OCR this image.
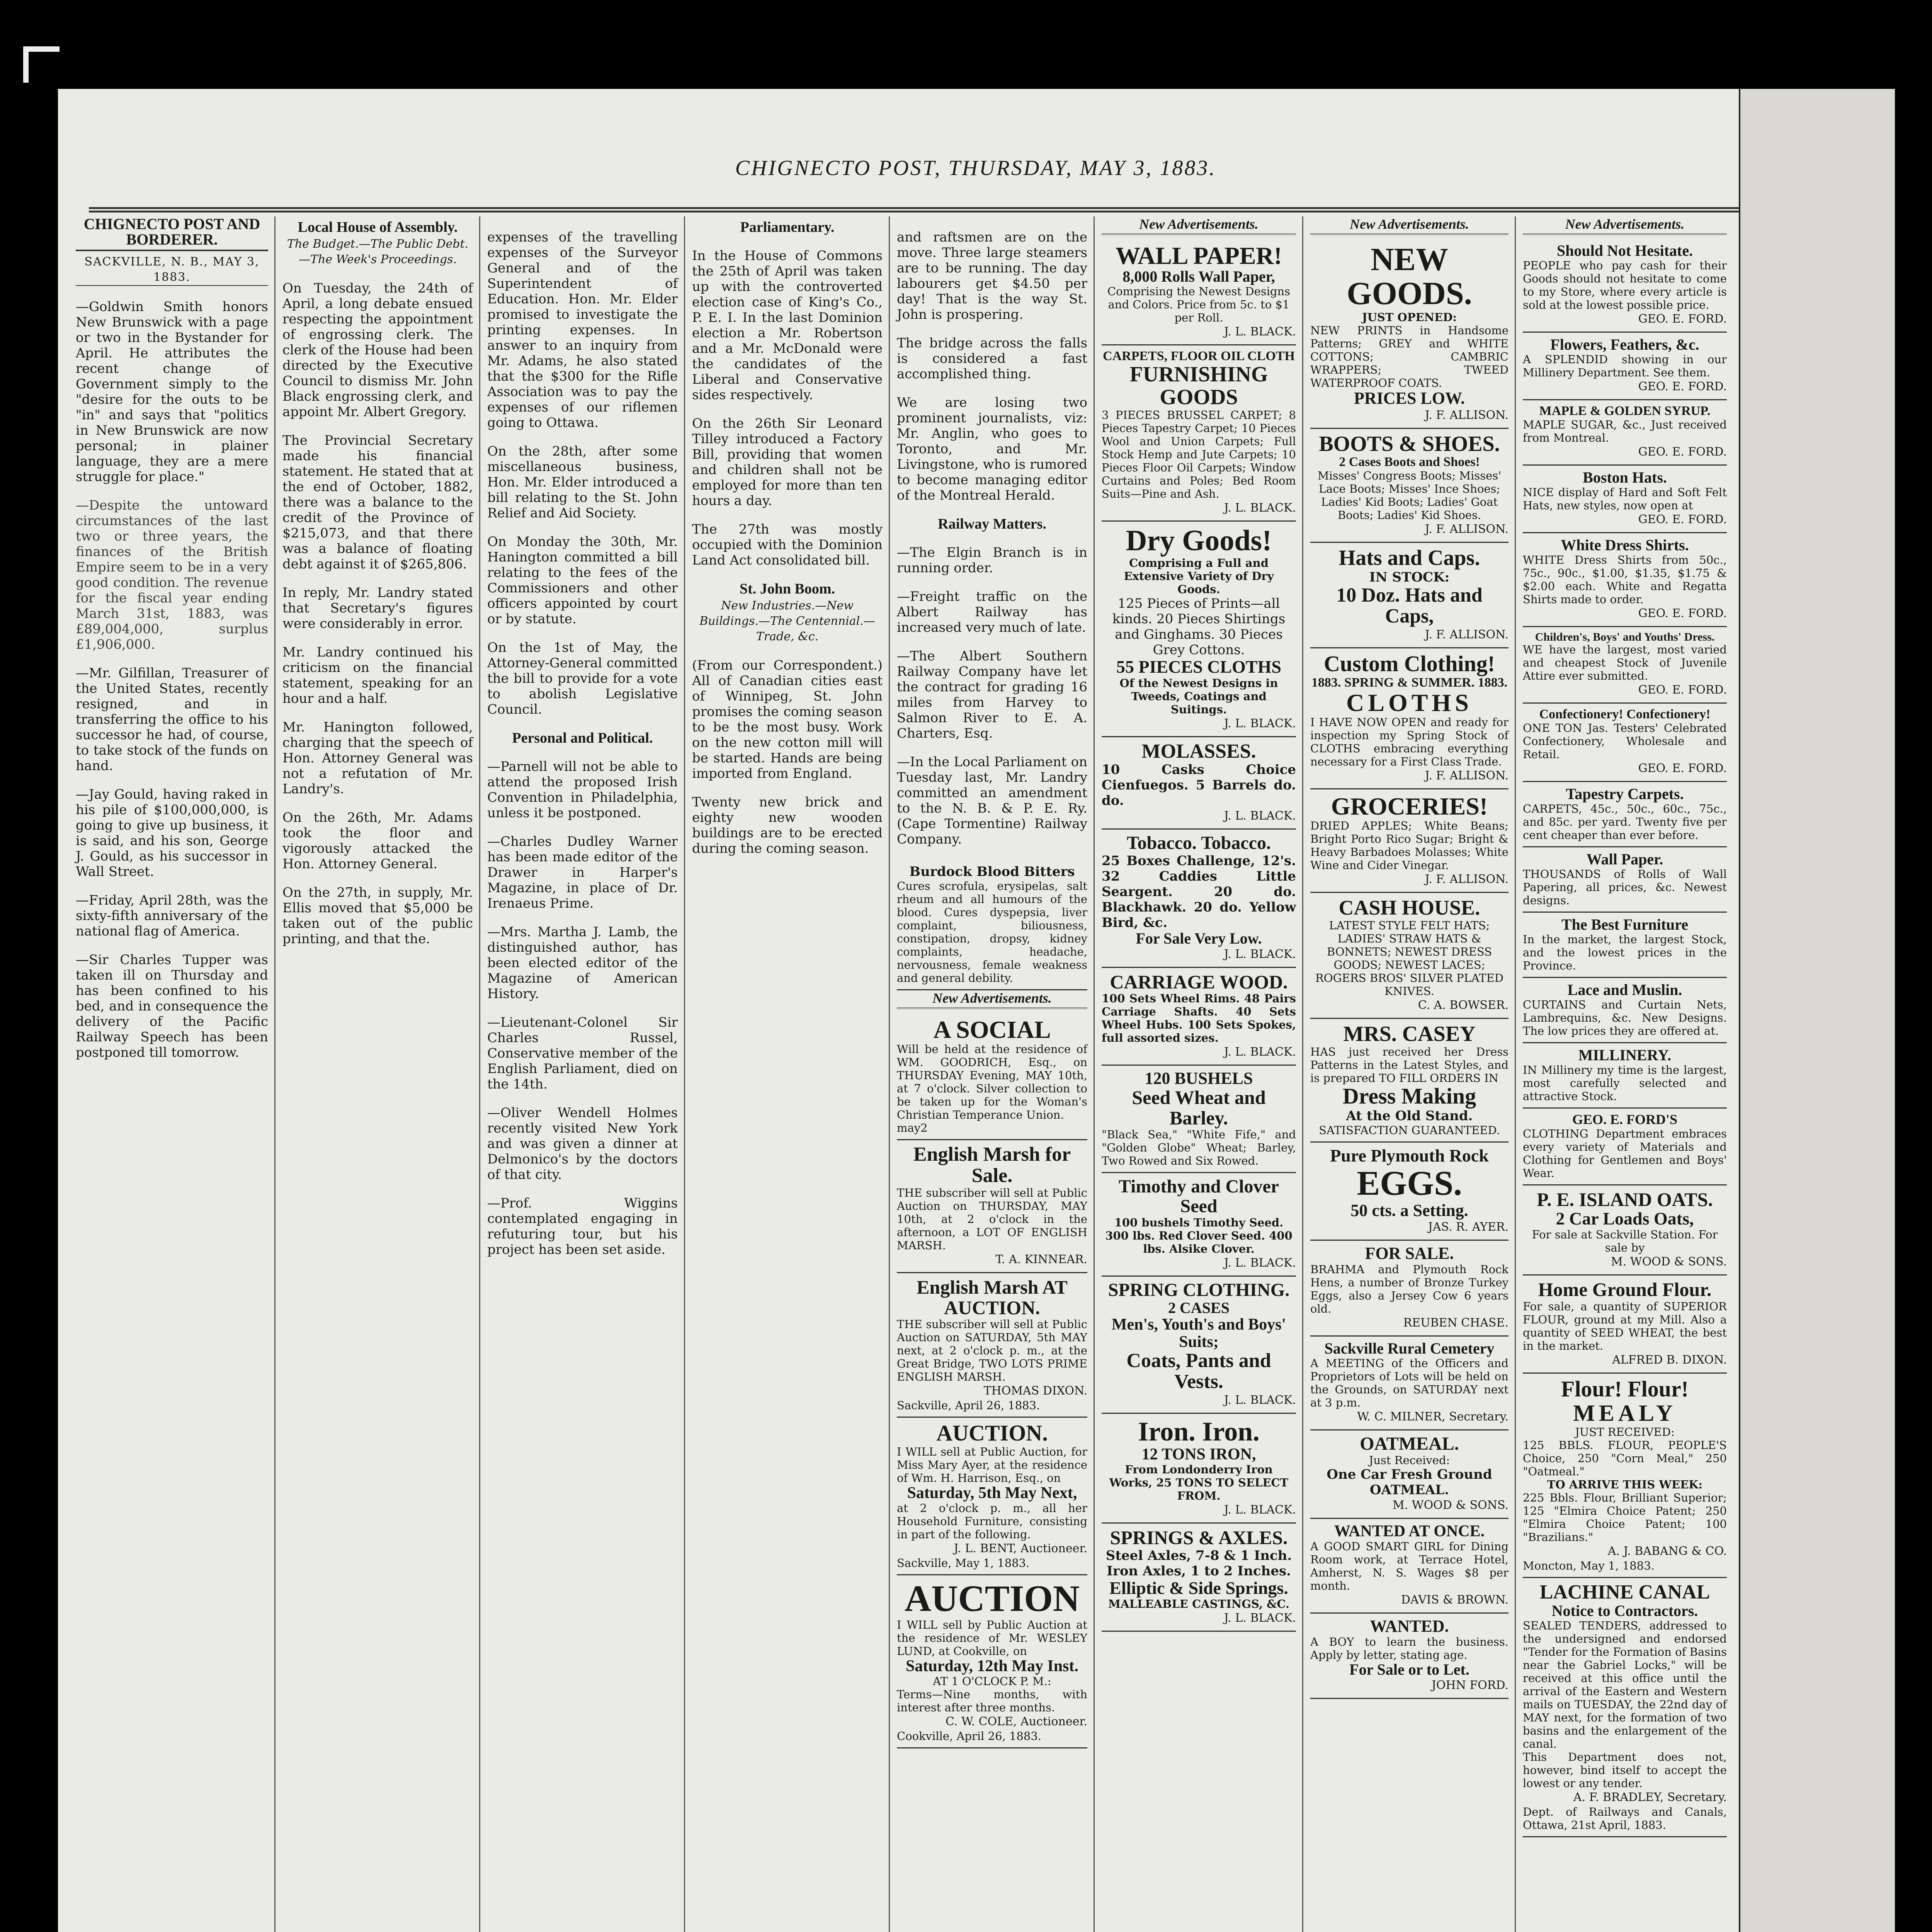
CHIGNECTO POST, THURSDAY, MAY 3, 1883.
CHIGNECTO POST AND BORDERER.
SACKVILLE, N. B., MAY 3, 1883.

—Goldwin Smith honors New Brunswick with a page or two in the Bystander for April. He attributes the recent change of Government simply to the "desire for the outs to be "in" and says that "politics in New Brunswick are now personal; in plainer language, they are a mere struggle for place."

—Despite the untoward circumstances of the last two or three years, the finances of the British Empire seem to be in a very good condition. The revenue for the fiscal year ending March 31st, 1883, was £89,004,000, surplus £1,906,000.

—Mr. Gilfillan, Treasurer of the United States, recently resigned, and in transferring the office to his successor he had, of course, to take stock of the funds on hand.

—Jay Gould, having raked in his pile of $100,000,000, is going to give up business, it is said, and his son, George J. Gould, as his successor in Wall Street.

—Friday, April 28th, was the sixty-fifth anniversary of the national flag of America.

—Sir Charles Tupper was taken ill on Thursday and has been confined to his bed, and in consequence the delivery of the Pacific Railway Speech has been postponed till tomorrow.

Local House of Assembly.
The Budget.—The Public Debt.—The Week's Proceedings.

On Tuesday, the 24th of April, a long debate ensued respecting the appointment of engrossing clerk. The clerk of the House had been directed by the Executive Council to dismiss Mr. John Black engrossing clerk, and appoint Mr. Albert Gregory.

The Provincial Secretary made his financial statement. He stated that at the end of October, 1882, there was a balance to the credit of the Province of $215,073, and that there was a balance of floating debt against it of $265,806.

In reply, Mr. Landry stated that Secretary's figures were considerably in error.

Mr. Landry continued his criticism on the financial statement, speaking for an hour and a half.

Mr. Hanington followed, charging that the speech of Hon. Attorney General was not a refutation of Mr. Landry's.

On the 26th, Mr. Adams took the floor and vigorously attacked the Hon. Attorney General.

On the 27th, in supply, Mr. Ellis moved that $5,000 be taken out of the public printing, and that the.

expenses of the travelling expenses of the Surveyor General and of the Superintendent of Education. Hon. Mr. Elder promised to investigate the printing expenses. In answer to an inquiry from Mr. Adams, he also stated that the $300 for the Rifle Association was to pay the expenses of our riflemen going to Ottawa.

On the 28th, after some miscellaneous business, Hon. Mr. Elder introduced a bill relating to the St. John Relief and Aid Society.

On Monday the 30th, Mr. Hanington committed a bill relating to the fees of the Commissioners and other officers appointed by court or by statute.

On the 1st of May, the Attorney-General committed the bill to provide for a vote to abolish Legislative Council.

Personal and Political.

—Parnell will not be able to attend the proposed Irish Convention in Philadelphia, unless it be postponed.

—Charles Dudley Warner has been made editor of the Drawer in Harper's Magazine, in place of Dr. Irenaeus Prime.

—Mrs. Martha J. Lamb, the distinguished author, has been elected editor of the Magazine of American History.

—Lieutenant-Colonel Sir Charles Russel, Conservative member of the English Parliament, died on the 14th.

—Oliver Wendell Holmes recently visited New York and was given a dinner at Delmonico's by the doctors of that city.

—Prof. Wiggins contemplated engaging in refuturing tour, but his project has been set aside.

Parliamentary.

In the House of Commons the 25th of April was taken up with the controverted election case of King's Co., P. E. I. In the last Dominion election a Mr. Robertson and a Mr. McDonald were the candidates of the Liberal and Conservative sides respectively.

On the 26th Sir Leonard Tilley introduced a Factory Bill, providing that women and children shall not be employed for more than ten hours a day.

The 27th was mostly occupied with the Dominion Land Act consolidated bill.

St. John Boom.
New Industries.—New Buildings.—The Centennial.—Trade, &c.

(From our Correspondent.) All of Canadian cities east of Winnipeg, St. John promises the coming season to be the most busy. Work on the new cotton mill will be started. Hands are being imported from England.

Twenty new brick and eighty new wooden buildings are to be erected during the coming season.

and raftsmen are on the move. Three large steamers are to be running. The day labourers get $4.50 per day! That is the way St. John is prospering.

The bridge across the falls is considered a fast accomplished thing.

We are losing two prominent journalists, viz: Mr. Anglin, who goes to Toronto, and Mr. Livingstone, who is rumored to become managing editor of the Montreal Herald.

Railway Matters.

—The Elgin Branch is in running order.

—Freight traffic on the Albert Railway has increased very much of late.

—The Albert Southern Railway Company have let the contract for grading 16 miles from Harvey to Salmon River to E. A. Charters, Esq.

—In the Local Parliament on Tuesday last, Mr. Landry committed an amendment to the N. B. & P. E. Ry. (Cape Tormentine) Railway Company.

Burdock Blood Bitters
Cures scrofula, erysipelas, salt rheum and all humours of the blood. Cures dyspepsia, liver complaint, biliousness, constipation, dropsy, kidney complaints, headache, nervousness, female weakness and general debility.
New Advertisements.
A SOCIAL
Will be held at the residence of WM. GOODRICH, Esq., on THURSDAY Evening, MAY 10th, at 7 o'clock. Silver collection to be taken up for the Woman's Christian Temperance Union.
may2
English Marsh for Sale.
THE subscriber will sell at Public Auction on THURSDAY, MAY 10th, at 2 o'clock in the afternoon, a LOT OF ENGLISH MARSH.
T. A. KINNEAR.
English Marsh AT AUCTION.
THE subscriber will sell at Public Auction on SATURDAY, 5th MAY next, at 2 o'clock p. m., at the Great Bridge, TWO LOTS PRIME ENGLISH MARSH.
THOMAS DIXON.
Sackville, April 26, 1883.
AUCTION.
I WILL sell at Public Auction, for Miss Mary Ayer, at the residence of Wm. H. Harrison, Esq., on
Saturday, 5th May Next,
at 2 o'clock p. m., all her Household Furniture, consisting in part of the following.
J. L. BENT, Auctioneer.
Sackville, May 1, 1883.
AUCTION
I WILL sell by Public Auction at the residence of Mr. WESLEY LUND, at Cookville, on
Saturday, 12th May Inst.
AT 1 O'CLOCK P. M.:
Terms—Nine months, with interest after three months.
C. W. COLE, Auctioneer.
Cookville, April 26, 1883.
New Advertisements.
WALL PAPER!
8,000 Rolls Wall Paper,
Comprising the Newest Designs and Colors. Price from 5c. to $1 per Roll.
J. L. BLACK.
CARPETS, FLOOR OIL CLOTH
FURNISHING GOODS
3 PIECES BRUSSEL CARPET; 8 Pieces Tapestry Carpet; 10 Pieces Wool and Union Carpets; Full Stock Hemp and Jute Carpets; 10 Pieces Floor Oil Carpets; Window Curtains and Poles; Bed Room Suits—Pine and Ash.
J. L. BLACK.
Dry Goods!
Comprising a Full and Extensive Variety of Dry Goods.
125 Pieces of Prints—all kinds. 20 Pieces Shirtings and Ginghams. 30 Pieces Grey Cottons.
55 PIECES CLOTHS
Of the Newest Designs in Tweeds, Coatings and Suitings.
J. L. BLACK.
MOLASSES.
10 Casks Choice Cienfuegos. 5 Barrels do. do.
J. L. BLACK.
Tobacco. Tobacco.
25 Boxes Challenge, 12's. 32 Caddies Little Seargent. 20 do. Blackhawk. 20 do. Yellow Bird, &c.
For Sale Very Low.
J. L. BLACK.
CARRIAGE WOOD.
100 Sets Wheel Rims. 48 Pairs Carriage Shafts. 40 Sets Wheel Hubs. 100 Sets Spokes, full assorted sizes.
J. L. BLACK.
120 BUSHELS
Seed Wheat and Barley.
"Black Sea," "White Fife," and "Golden Globe" Wheat; Barley, Two Rowed and Six Rowed.
Timothy and Clover Seed
100 bushels Timothy Seed. 300 lbs. Red Clover Seed. 400 lbs. Alsike Clover.
J. L. BLACK.
SPRING CLOTHING.
2 CASES
Men's, Youth's and Boys' Suits;
Coats, Pants and Vests.
J. L. BLACK.
Iron. Iron.
12 TONS IRON,
From Londonderry Iron Works, 25 TONS TO SELECT FROM.
J. L. BLACK.
SPRINGS & AXLES.
Steel Axles, 7-8 & 1 Inch. Iron Axles, 1 to 2 Inches.
Elliptic & Side Springs.
MALLEABLE CASTINGS, &C.
J. L. BLACK.
New Advertisements.
NEW GOODS.
JUST OPENED:
NEW PRINTS in Handsome Patterns; GREY and WHITE COTTONS; CAMBRIC WRAPPERS; TWEED WATERPROOF COATS.
PRICES LOW.
J. F. ALLISON.
BOOTS & SHOES.
2 Cases Boots and Shoes!
Misses' Congress Boots; Misses' Lace Boots; Misses' Ince Shoes; Ladies' Kid Boots; Ladies' Goat Boots; Ladies' Kid Shoes.
J. F. ALLISON.
Hats and Caps.
IN STOCK:
10 Doz. Hats and Caps,
J. F. ALLISON.
Custom Clothing!
1883. SPRING & SUMMER. 1883.
CLOTHS
I HAVE NOW OPEN and ready for inspection my Spring Stock of CLOTHS embracing everything necessary for a First Class Trade.
J. F. ALLISON.
GROCERIES!
DRIED APPLES; White Beans; Bright Porto Rico Sugar; Bright & Heavy Barbadoes Molasses; White Wine and Cider Vinegar.
J. F. ALLISON.
CASH HOUSE.
LATEST STYLE FELT HATS; LADIES' STRAW HATS & BONNETS; NEWEST DRESS GOODS; NEWEST LACES; ROGERS BROS' SILVER PLATED KNIVES.
C. A. BOWSER.
MRS. CASEY
HAS just received her Dress Patterns in the Latest Styles, and is prepared TO FILL ORDERS IN
Dress Making
At the Old Stand.
SATISFACTION GUARANTEED.
Pure Plymouth Rock
EGGS.
50 cts. a Setting.
JAS. R. AYER.
FOR SALE.
BRAHMA and Plymouth Rock Hens, a number of Bronze Turkey Eggs, also a Jersey Cow 6 years old.
REUBEN CHASE.
Sackville Rural Cemetery
A MEETING of the Officers and Proprietors of Lots will be held on the Grounds, on SATURDAY next at 3 p.m.
W. C. MILNER, Secretary.
OATMEAL.
Just Received:
One Car Fresh Ground OATMEAL.
M. WOOD & SONS.
WANTED AT ONCE.
A GOOD SMART GIRL for Dining Room work, at Terrace Hotel, Amherst, N. S. Wages $8 per month.
DAVIS & BROWN.
WANTED.
A BOY to learn the business. Apply by letter, stating age.
For Sale or to Let.
JOHN FORD.
New Advertisements.
Should Not Hesitate.
PEOPLE who pay cash for their Goods should not hesitate to come to my Store, where every article is sold at the lowest possible price.
GEO. E. FORD.
Flowers, Feathers, &c.
A SPLENDID showing in our Millinery Department. See them.
GEO. E. FORD.
MAPLE & GOLDEN SYRUP.
MAPLE SUGAR, &c., Just received from Montreal.
GEO. E. FORD.
Boston Hats.
NICE display of Hard and Soft Felt Hats, new styles, now open at
GEO. E. FORD.
White Dress Shirts.
WHITE Dress Shirts from 50c., 75c., 90c., $1.00, $1.35, $1.75 & $2.00 each. White and Regatta Shirts made to order.
GEO. E. FORD.
Children's, Boys' and Youths' Dress.
WE have the largest, most varied and cheapest Stock of Juvenile Attire ever submitted.
GEO. E. FORD.
Confectionery! Confectionery!
ONE TON Jas. Testers' Celebrated Confectionery, Wholesale and Retail.
GEO. E. FORD.
Tapestry Carpets.
CARPETS, 45c., 50c., 60c., 75c., and 85c. per yard. Twenty five per cent cheaper than ever before.
Wall Paper.
THOUSANDS of Rolls of Wall Papering, all prices, &c. Newest designs.
The Best Furniture
In the market, the largest Stock, and the lowest prices in the Province.
Lace and Muslin.
CURTAINS and Curtain Nets, Lambrequins, &c. New Designs. The low prices they are offered at.
MILLINERY.
IN Millinery my time is the largest, most carefully selected and attractive Stock.
GEO. E. FORD'S
CLOTHING Department embraces every variety of Materials and Clothing for Gentlemen and Boys' Wear.
P. E. ISLAND OATS.
2 Car Loads Oats,
For sale at Sackville Station. For sale by
M. WOOD & SONS.
Home Ground Flour.
For sale, a quantity of SUPERIOR FLOUR, ground at my Mill. Also a quantity of SEED WHEAT, the best in the market.
ALFRED B. DIXON.
Flour! Flour!
MEALY
JUST RECEIVED:
125 BBLS. FLOUR, PEOPLE'S Choice, 250 "Corn Meal," 250 "Oatmeal."
TO ARRIVE THIS WEEK:
225 Bbls. Flour, Brilliant Superior; 125 "Elmira Choice Patent; 250 "Elmira Choice Patent; 100 "Brazilians."
A. J. BABANG & CO.
Moncton, May 1, 1883.
LACHINE CANAL
Notice to Contractors.
SEALED TENDERS, addressed to the undersigned and endorsed "Tender for the Formation of Basins near the Gabriel Locks," will be received at this office until the arrival of the Eastern and Western mails on TUESDAY, the 22nd day of MAY next, for the formation of two basins and the enlargement of the canal.
This Department does not, however, bind itself to accept the lowest or any tender.
A. F. BRADLEY, Secretary.
Dept. of Railways and Canals, Ottawa, 21st April, 1883.
